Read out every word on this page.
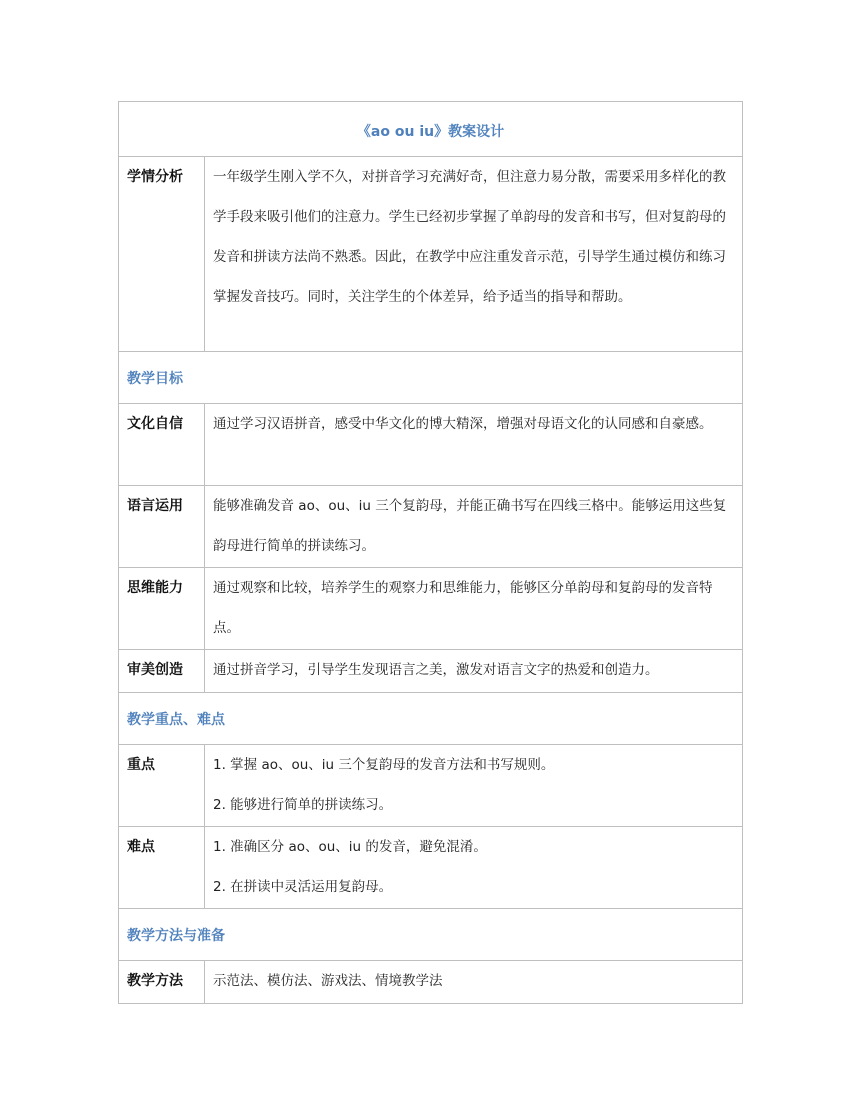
《ao ou iu》教案设计	
学情分析	一年级学生刚入学不久，对拼音学习充满好奇，但注意力易分散，需要采用多样化的教学手段来吸引他们的注意力。学生已经初步掌握了单韵母的发音和书写，但对复韵母的发音和拼读方法尚不熟悉。因此，在教学中应注重发音示范，引导学生通过模仿和练习掌握发音技巧。同时，关注学生的个体差异，给予适当的指导和帮助。

教学目标	
文化自信	通过学习汉语拼音，感受中华文化的博大精深，增强对母语文化的认同感和自豪感。

语言运用	能够准确发音 ao、ou、iu 三个复韵母，并能正确书写在四线三格中。能够运用这些复韵母进行简单的拼读练习。

思维能力	通过观察和比较，培养学生的观察力和思维能力，能够区分单韵母和复韵母的发音特点。

审美创造	通过拼音学习，引导学生发现语言之美，激发对语言文字的热爱和创造力。

教学重点、难点	
重点	1. 掌握 ao、ou、iu 三个复韵母的发音方法和书写规则。

2. 能够进行简单的拼读练习。

难点	1. 准确区分 ao、ou、iu 的发音，避免混淆。

2. 在拼读中灵活运用复韵母。

教学方法与准备	
教学方法	示范法、模仿法、游戏法、情境教学法
